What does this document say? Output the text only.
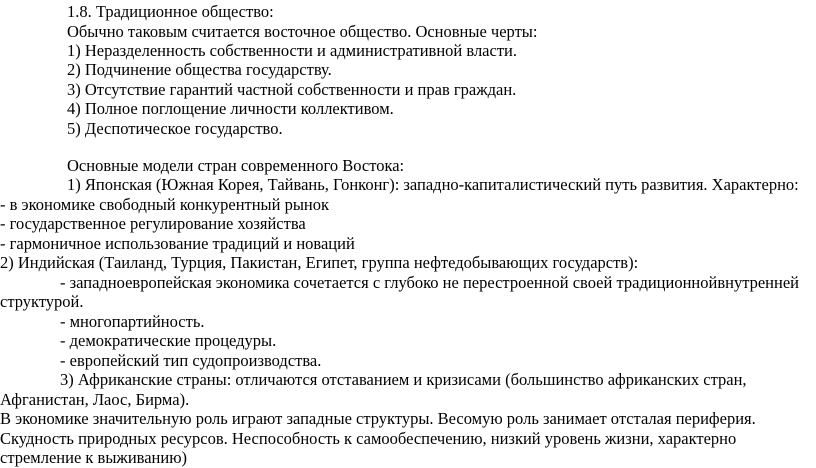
1.8. Традиционное общество:
Обычно таковым считается восточное общество. Основные черты:
1) Неразделенность собственности и административной власти.
2) Подчинение общества государству.
3) Отсутствие гарантий частной собственности и прав граждан.
4) Полное поглощение личности коллективом.
5) Деспотическое государство.
Основные модели стран современного Востока:
1) Японская (Южная Корея, Тайвань, Гонконг): западно-капиталистический путь развития. Характерно:
- в экономике свободный конкурентный рынок
- государственное регулирование хозяйства
- гармоничное использование традиций и новаций
2) Индийская (Таиланд, Турция, Пакистан, Египет, группа нефтедобывающих государств):
- западноевропейская экономика сочетается с глубоко не перестроенной своей традиционнойвнутренней
структурой.
- многопартийность.
- демократические процедуры.
- европейский тип судопроизводства.
3) Африканские страны: отличаются отставанием и кризисами (большинство африканских стран,
Афганистан, Лаос, Бирма).
В экономике значительную роль играют западные структуры. Весомую роль занимает отсталая периферия.
Скудность природных ресурсов. Неспособность к самообеспечению, низкий уровень жизни, характерно
стремление к выживанию)
